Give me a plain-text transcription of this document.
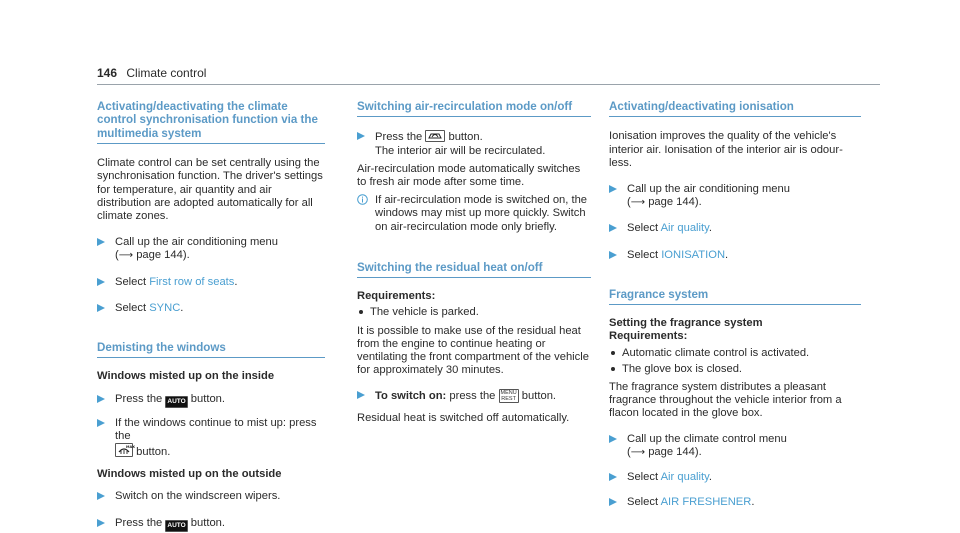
146 Climate control
Activating/deactivating the climate control synchronisation function via the multimedia system

Climate control can be set centrally using the synchronisation function. The driver's settings for temperature, air quantity and air distribution are adopted automatically for all climate zones.

Call up the air conditioning menu
(⟶ page 144).
Select First row of seats.
Select SYNC.
Demisting the windows
Windows misted up on the inside
Press the AUTO button.
If the windows continue to mist up: press the

MAX
button.
Windows misted up on the outside
Switch on the windscreen wipers.
Press the AUTO button.
Switching air-recirculation mode on/off
Press the  button.
The interior air will be recirculated.

Air-recirculation mode automatically switches to fresh air mode after some time.

If air-recirculation mode is switched on, the windows may mist up more quickly. Switch on air-recirculation mode only briefly.
Switching the residual heat on/off
Requirements:
The vehicle is parked.

It is possible to make use of the residual heat from the engine to continue heating or ventilating the front compartment of the vehicle for approximately 30 minutes.

To switch on: press the MENU
REST button.

Residual heat is switched off automatically.

Activating/deactivating ionisation

Ionisation improves the quality of the vehicle's interior air. Ionisation of the interior air is odour-less.

Call up the air conditioning menu
(⟶ page 144).
Select Air quality.
Select IONISATION.
Fragrance system
Setting the fragrance system
Requirements:
Automatic climate control is activated.
The glove box is closed.

The fragrance system distributes a pleasant fragrance throughout the vehicle interior from a flacon located in the glove box.

Call up the climate control menu
(⟶ page 144).
Select Air quality.
Select AIR FRESHENER.
